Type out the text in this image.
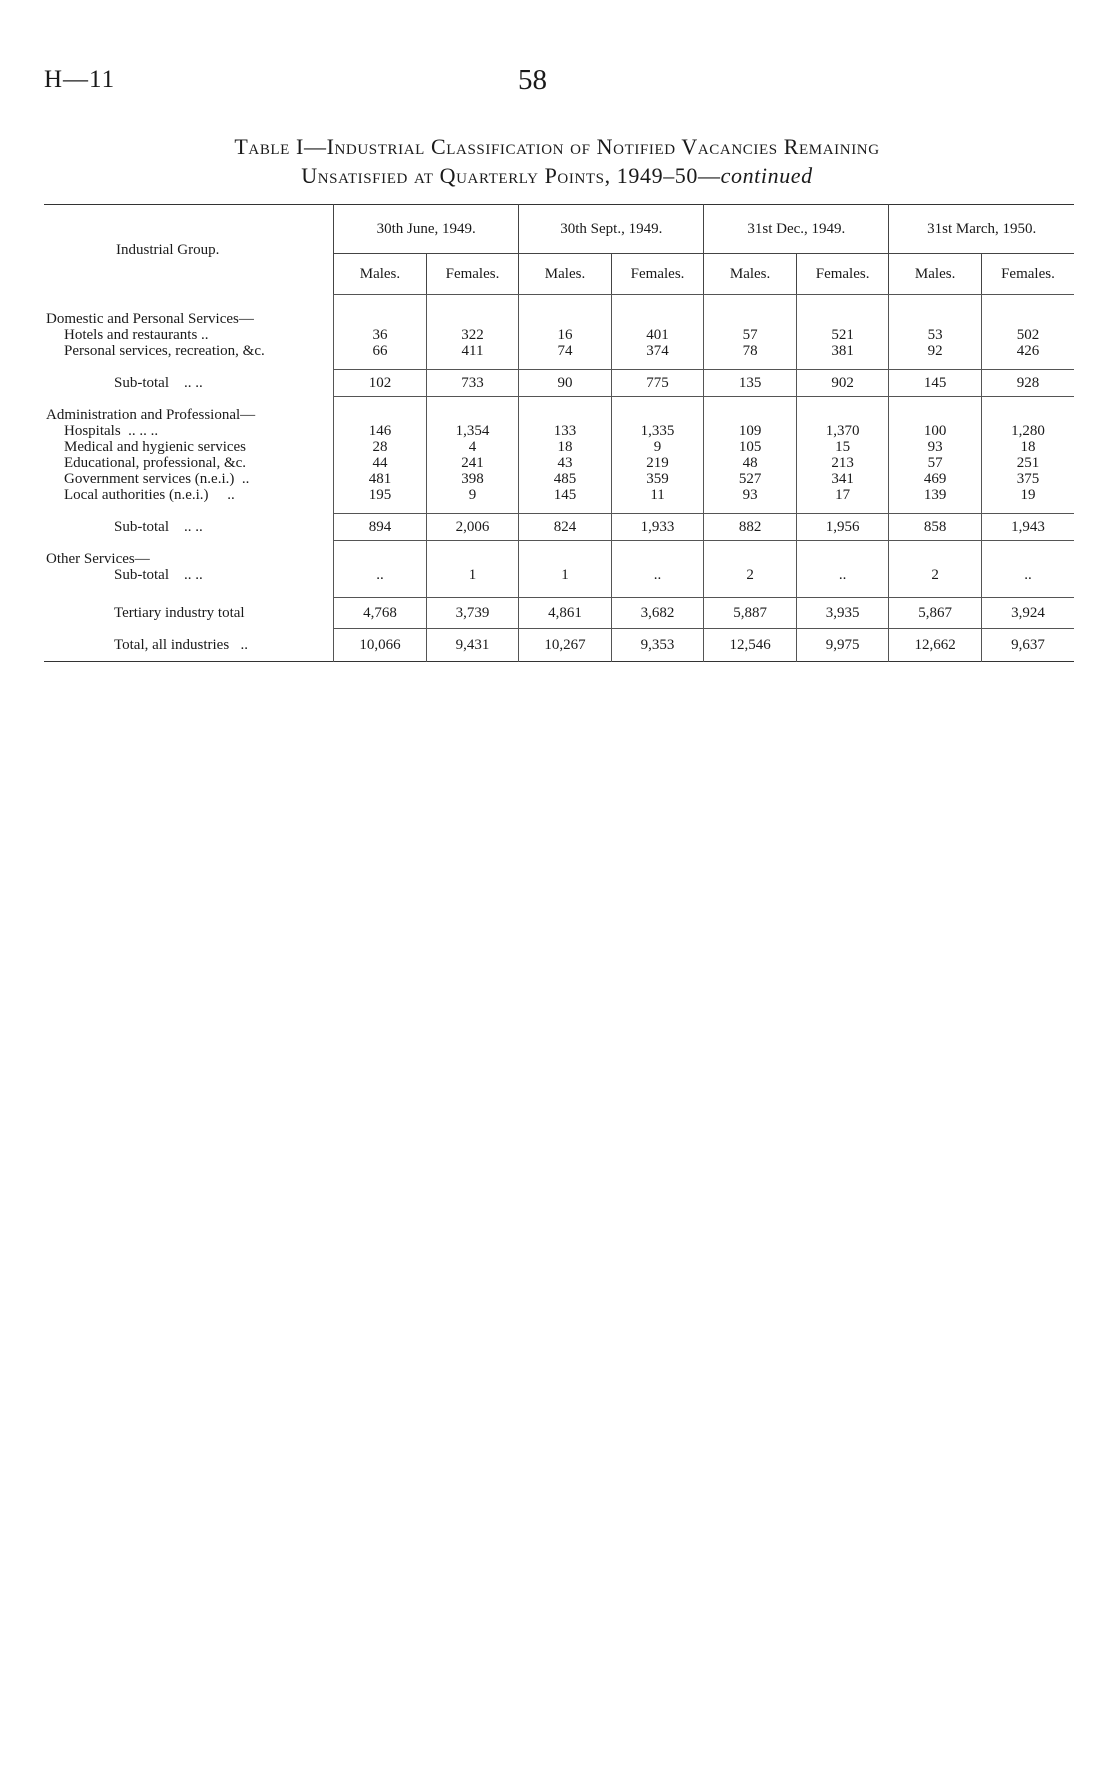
H—11	58
Table I—Industrial Classification of Notified Vacancies Remaining
Unsatisfied at Quarterly Points, 1949–50—continued
Industrial Group.	30th June, 1949.		30th Sept., 1949.		31st Dec., 1949.		31st March, 1950.	
	Males.	Females.	Males.	Females.	Males.	Females.	Males.	Females.

Domestic and Personal Services—								
Hotels and restaurants ..	36	322	16	401	57	521	53	502
Personal services, recreation, &c.	66	411	74	374	78	381	92	426

Sub-total .. ..	102	733	90	775	135	902	145	928

Administration and Professional—								
Hospitals .. .. ..	146	1,354	133	1,335	109	1,370	100	1,280
Medical and hygienic services	28	4	18	9	105	15	93	18
Educational, professional, &c.	44	241	43	219	48	213	57	251
Government services (n.e.i.) ..	481	398	485	359	527	341	469	375
Local authorities (n.e.i.) ..	195	9	145	11	93	17	139	19

Sub-total .. ..	894	2,006	824	1,933	882	1,956	858	1,943

Other Services—								
Sub-total .. ..	..	1	1	..	2	..	2	..
Tertiary industry total	4,768	3,739	4,861	3,682	5,887	3,935	5,867	3,924
Total, all industries ..	10,066	9,431	10,267	9,353	12,546	9,975	12,662	9,637
